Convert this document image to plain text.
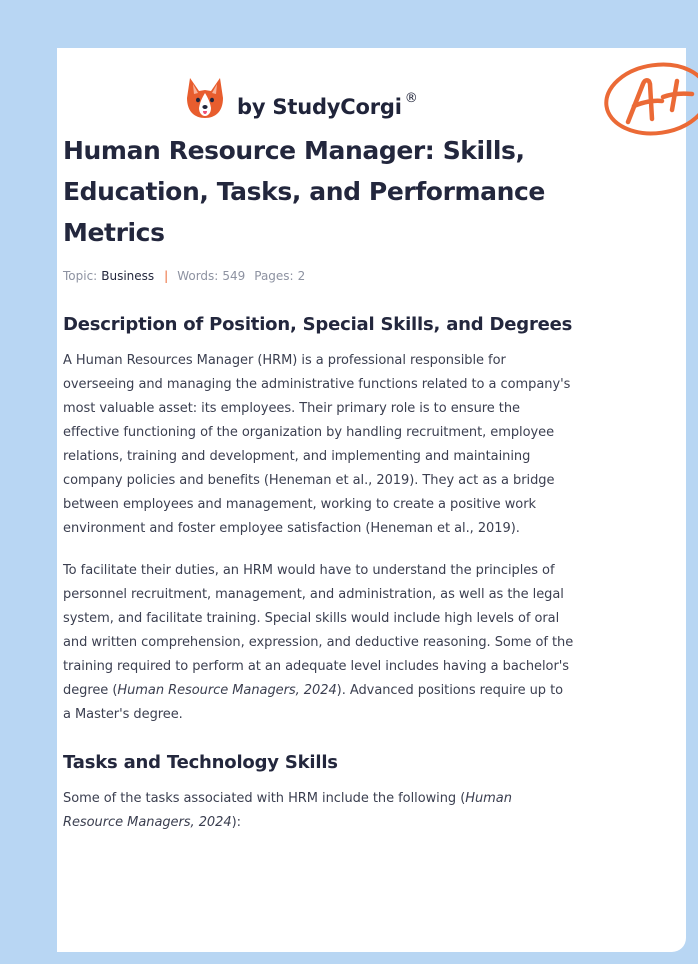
by StudyCorgi ®
Human Resource Manager: Skills, Education, Tasks, and Performance Metrics
Topic: Business | Words: 549 Pages: 2
Description of Position, Special Skills, and Degrees

A Human Resources Manager (HRM) is a professional responsible for overseeing and managing the administrative functions related to a company's most valuable asset: its employees. Their primary role is to ensure the effective functioning of the organization by handling recruitment, employee relations, training and development, and implementing and maintaining company policies and benefits (Heneman et al., 2019). They act as a bridge between employees and management, working to create a positive work environment and foster employee satisfaction (Heneman et al., 2019).

To facilitate their duties, an HRM would have to understand the principles of personnel recruitment, management, and administration, as well as the legal system, and facilitate training. Special skills would include high levels of oral and written comprehension, expression, and deductive reasoning. Some of the training required to perform at an adequate level includes having a bachelor's degree (Human Resource Managers, 2024). Advanced positions require up to a Master's degree.

Tasks and Technology Skills

Some of the tasks associated with HRM include the following (Human Resource Managers, 2024):
